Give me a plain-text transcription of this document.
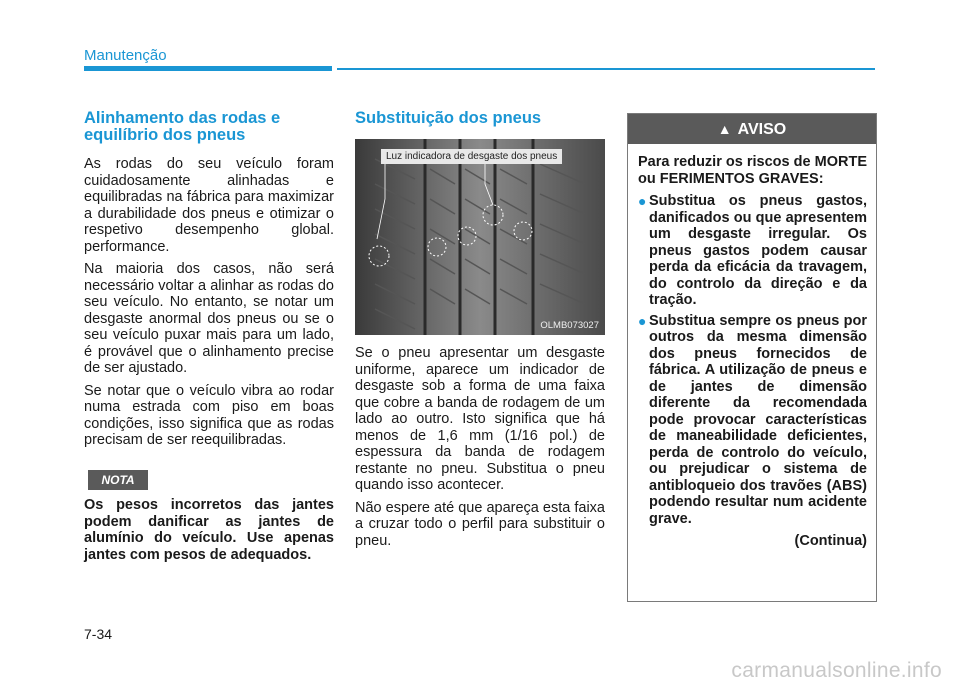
Manutenção
Alinhamento das rodas e equilíbrio dos pneus

As rodas do seu veículo foram cuidadosamente alinhadas e equilibradas na fábrica para maximizar a durabilidade dos pneus e otimizar o respetivo desempenho global. performance.

Na maioria dos casos, não será necessário voltar a alinhar as rodas do seu veículo. No entanto, se notar um desgaste anormal dos pneus ou se o seu veículo puxar mais para um lado, é provável que o alinhamento precise de ser ajustado.

Se notar que o veículo vibra ao rodar numa estrada com piso em boas condições, isso significa que as rodas precisam de ser reequilibradas.

NOTA

Os pesos incorretos das jantes podem danificar as jantes de alumínio do veículo. Use apenas jantes com pesos de adequados.

Substituição dos pneus
Luz indicadora de desgaste dos pneus
OLMB073027

Se o pneu apresentar um desgaste uniforme, aparece um indicador de desgaste sob a forma de uma faixa que cobre a banda de rodagem de um lado ao outro. Isto significa que há menos de 1,6 mm (1/16 pol.) de espessura da banda de rodagem restante no pneu. Substitua o pneu quando isso acontecer.

Não espere até que apareça esta faixa a cruzar todo o perfil para substituir o pneu.

▲ AVISO
Para reduzir os riscos de MORTE ou FERIMENTOS GRAVES:
● Substitua os pneus gastos, danificados ou que apresentem um desgaste irregular. Os pneus gastos podem causar perda da eficácia da travagem, do controlo da direção e da tração.
● Substitua sempre os pneus por outros da mesma dimensão dos pneus fornecidos de fábrica. A utilização de pneus e de jantes de dimensão diferente da recomendada pode provocar características de maneabilidade deficientes, perda de controlo do veículo, ou prejudicar o sistema de antibloqueio dos travões (ABS) podendo resultar num acidente grave.
(Continua)
7-34
carmanualsonline.info
